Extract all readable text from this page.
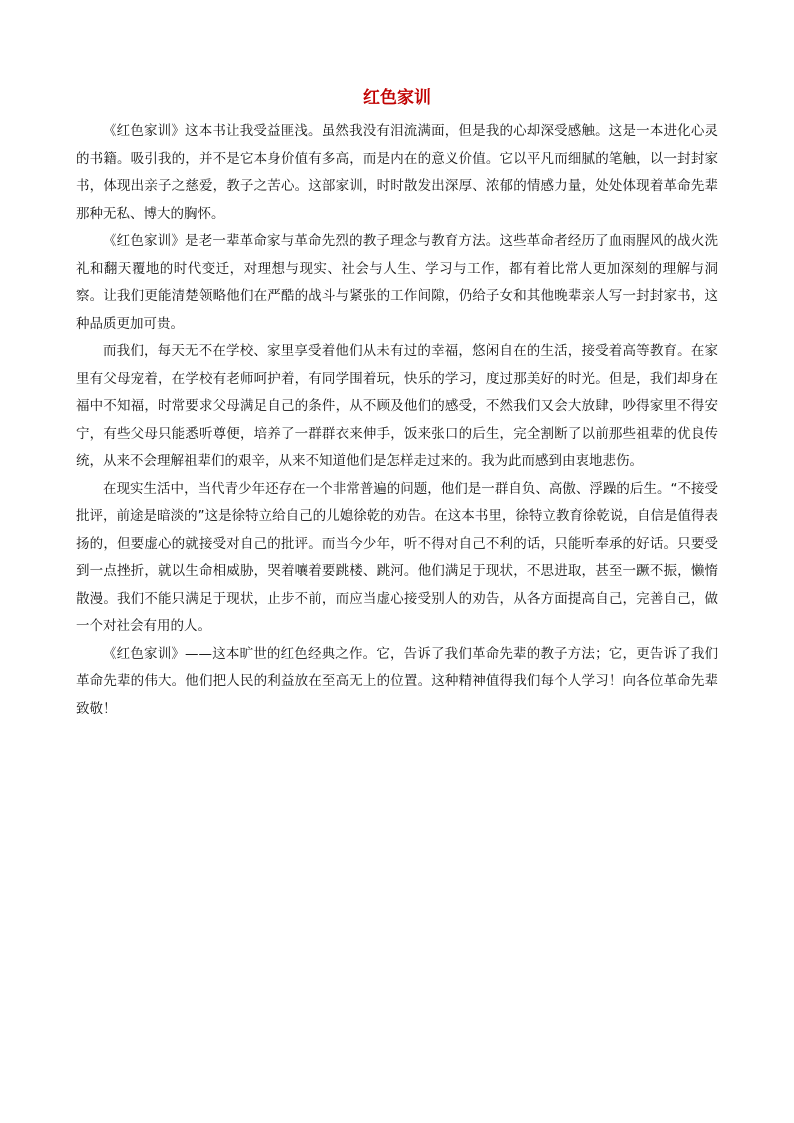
红色家训

《红色家训》这本书让我受益匪浅。虽然我没有泪流满面，但是我的心却深受感触。这是一本进化心灵的书籍。吸引我的，并不是它本身价值有多高，而是内在的意义价值。它以平凡而细腻的笔触，以一封封家书，体现出亲子之慈爱，教子之苦心。这部家训，时时散发出深厚、浓郁的情感力量，处处体现着革命先辈那种无私、博大的胸怀。

《红色家训》是老一辈革命家与革命先烈的教子理念与教育方法。这些革命者经历了血雨腥风的战火洗礼和翻天覆地的时代变迁，对理想与现实、社会与人生、学习与工作，都有着比常人更加深刻的理解与洞察。让我们更能清楚领略他们在严酷的战斗与紧张的工作间隙，仍给子女和其他晚辈亲人写一封封家书，这种品质更加可贵。

而我们，每天无不在学校、家里享受着他们从未有过的幸福，悠闲自在的生活，接受着高等教育。在家里有父母宠着，在学校有老师呵护着，有同学围着玩，快乐的学习，度过那美好的时光。但是，我们却身在福中不知福，时常要求父母满足自己的条件，从不顾及他们的感受，不然我们又会大放肆，吵得家里不得安宁，有些父母只能悉听尊便，培养了一群群衣来伸手，饭来张口的后生，完全割断了以前那些祖辈的优良传统，从来不会理解祖辈们的艰辛，从来不知道他们是怎样走过来的。我为此而感到由衷地悲伤。

在现实生活中，当代青少年还存在一个非常普遍的问题，他们是一群自负、高傲、浮躁的后生。“不接受批评，前途是暗淡的”这是徐特立给自己的儿媳徐乾的劝告。在这本书里，徐特立教育徐乾说，自信是值得表扬的，但要虚心的就接受对自己的批评。而当今少年，听不得对自己不利的话，只能听奉承的好话。只要受到一点挫折，就以生命相威胁，哭着嚷着要跳楼、跳河。他们满足于现状，不思进取，甚至一蹶不振，懒惰散漫。我们不能只满足于现状，止步不前，而应当虚心接受别人的劝告，从各方面提高自己，完善自己，做一个对社会有用的人。

《红色家训》——这本旷世的红色经典之作。它，告诉了我们革命先辈的教子方法；它，更告诉了我们革命先辈的伟大。他们把人民的利益放在至高无上的位置。这种精神值得我们每个人学习！向各位革命先辈致敬！
